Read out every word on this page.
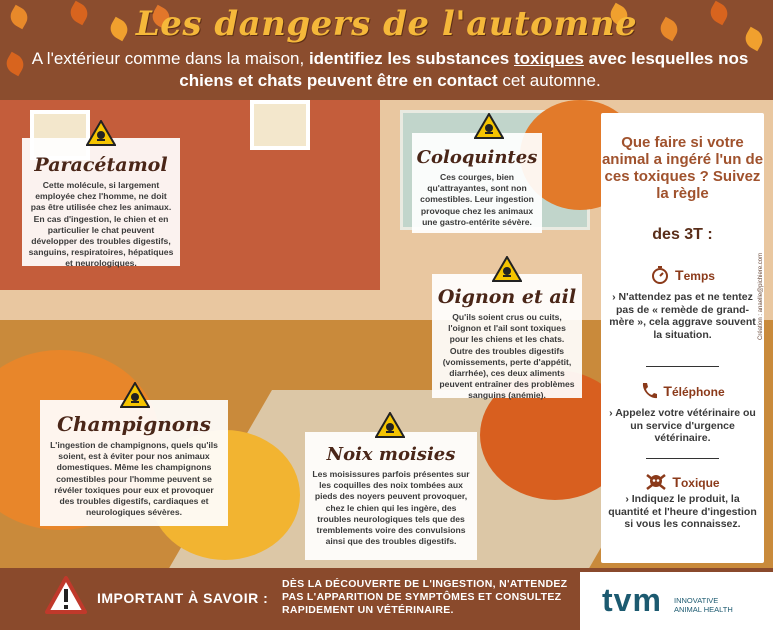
Les dangers de l'automne
A l'extérieur comme dans la maison, identifiez les substances toxiques avec lesquelles nos chiens et chats peuvent être en contact cet automne.
Paracétamol
Cette molécule, si largement employée chez l'homme, ne doit pas être utilisée chez les animaux. En cas d'ingestion, le chien et en particulier le chat peuvent développer des troubles digestifs, sanguins, respiratoires, hépatiques et neurologiques.
Coloquintes
Ces courges, bien qu'attrayantes, sont non comestibles. Leur ingestion provoque chez les animaux une gastro-entérite sévère.
Oignon et ail
Qu'ils soient crus ou cuits, l'oignon et l'ail sont toxiques pour les chiens et les chats. Outre des troubles digestifs (vomissements, perte d'appétit, diarrhée), ces deux aliments peuvent entraîner des problèmes sanguins (anémie).
Champignons
L'ingestion de champignons, quels qu'ils soient, est à éviter pour nos animaux domestiques. Même les champignons comestibles pour l'homme peuvent se révéler toxiques pour eux et provoquer des troubles digestifs, cardiaques et neurologiques sévères.
Noix moisies
Les moisissures parfois présentes sur les coquilles des noix tombées aux pieds des noyers peuvent provoquer, chez le chien qui les ingère, des troubles neurologiques tels que des tremblements voire des convulsions ainsi que des troubles digestifs.
Que faire si votre animal a ingéré l'un de ces toxiques ? Suivez la règle
des 3T :
Temps
› N'attendez pas et ne tentez pas de « remède de grand-mère », cela aggrave souvent la situation.
Téléphone
› Appelez votre vétérinaire ou un service d'urgence vétérinaire.
Toxique
› Indiquez le produit, la quantité et l'heure d'ingestion si vous les connaissez.
Création : anaelle@pichiere.com
IMPORTANT À SAVOIR :
DÈS LA DÉCOUVERTE DE L'INGESTION, N'ATTENDEZ PAS L'APPARITION DE SYMPTÔMES ET CONSULTEZ RAPIDEMENT UN VÉTÉRINAIRE.	tvm INNOVATIVE
ANIMAL HEALTH
